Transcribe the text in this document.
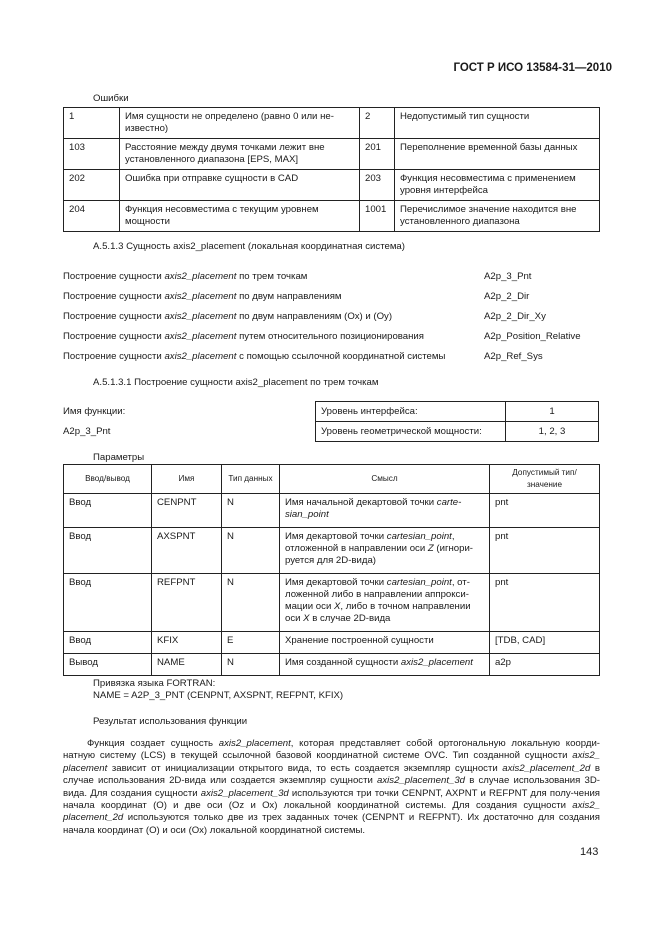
ГОСТ Р ИСО 13584-31—2010
Ошибки
1	Имя сущности не определено (равно 0 или не-известно)	2	Недопустимый тип сущности
103	Расстояние между двумя точками лежит вне установленного диапазона [EPS, MAX]	201	Переполнение временной базы данных
202	Ошибка при отправке сущности в CAD	203	Функция несовместима с применением уровня интерфейса
204	Функция несовместима с текущим уровнем мощности	1001	Перечислимое значение находится вне установленного диапазона
А.5.1.3 Сущность axis2_placement (локальная координатная система)
Построение сущности axis2_placement по трем точкам	A2p_3_Pnt
Построение сущности axis2_placement по двум направлениям	A2p_2_Dir
Построение сущности axis2_placement по двум направлениям (Ох) и (Оу)	A2p_2_Dir_Xy
Построение сущности axis2_placement путем относительного позиционирования	A2p_Position_Relative
Построение сущности axis2_placement с помощью ссылочной координатной системы	A2p_Ref_Sys
А.5.1.3.1 Построение сущности axis2_placement по трем точкам
Имя функции:
A2p_3_Pnt
Уровень интерфейса:	1
Уровень геометрической мощности:	1, 2, 3
Параметры
Ввод/вывод	Имя	Тип данных	Смысл	Допустимый тип/ значение
Ввод	CENPNT	N	Имя начальной декартовой точки carte-sian_point	pnt
Ввод	AXSPNT	N	Имя декартовой точки cartesian_point, отложенной в направлении оси Z (игнори-руется для 2D-вида)	pnt
Ввод	REFPNT	N	Имя декартовой точки cartesian_point, от-ложенной либо в направлении аппрокси-мации оси X, либо в точном направлении оси X в случае 2D-вида	pnt
Ввод	KFIX	E	Хранение построенной сущности	[TDB, CAD]
Вывод	NAME	N	Имя созданной сущности axis2_placement	a2p
Привязка языка FORTRAN:
NAME = A2P_3_PNT (CENPNT, AXSPNT, REFPNT, KFIX)
Результат использования функции
Функция создает сущность axis2_placement, которая представляет собой ортогональную локальную коорди-натную систему (LCS) в текущей ссылочной базовой координатной системе OVC. Тип созданной сущности axis2_ placement зависит от инициализации открытого вида, то есть создается экземпляр сущности axis2_placement_2d в случае использования 2D-вида или создается экземпляр сущности axis2_placement_3d в случае использования 3D-вида. Для создания сущности axis2_placement_3d используются три точки CENPNT, AXPNT и REFPNT для полу-чения начала координат (О) и две оси (Oz и Ох) локальной координатной системы. Для создания сущности axis2_ placement_2d используются только две из трех заданных точек (CENPNT и REFPNT). Их достаточно для создания начала координат (О) и оси (Ох) локальной координатной системы.
143
